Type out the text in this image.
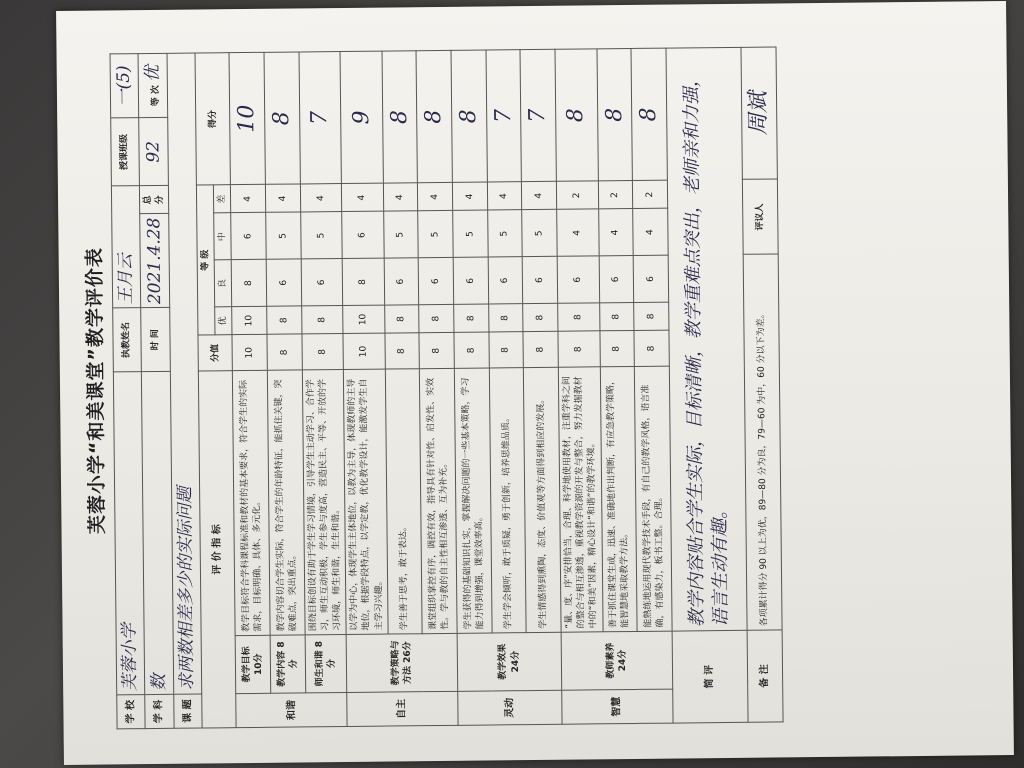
芙蓉小学“和美课堂”教学评价表
学 校	芙蓉小学		执教姓名		王月云			授课班级	一(5)
学 科	数		时 间		2021.4.28		总 分	92	等 次 优
课 题	求两数相差多少的实际问题								
评 价 指 标			分值	等 级				得分	
				优	良	中	差		
和谐	教学目标 10分	教学目标符合学科课程标准和教材的基本要求，符合学生的实际需求，目标明确、具体、多元化。	10	10	8	6	4	10	
	教学内容 8分	教学内容切合学生实际，符合学生的年龄特征，能抓住关键，突破难点，突出重点。	8	8	6	5	4	8	
	师生和谐 8分	围绕目标创设有助于学生学习情境，引导学生主动学习、合作学习，师生互动积极，学生参与度高，营造民主、平等、开放的学习环境，师生和谐，生生和谐。	8	8	6	5	4	7	
自主	教学策略与方法 26分	以学为中心，体现学生主体地位，以教为主导，体现教师的主导地位，根据学段特点，以学定教，优化教学设计，能激发学生自主学习兴趣。	10	10	8	6	4	9	
		学生善于思考，敢于表达。	8	8	6	5	4	8	
		课堂组织掌控有序，调控有效，指导具有针对性、启发性、实效性。学与教的自主性相互渗透、互为补充。	8	8	6	5	4	8	
灵动	教学效果 24分	学生获得的基础知识扎实，掌握解决问题的一些基本策略，学习能力得到增强，课堂效率高。	8	8	6	5	4	8	
		学生学会倾听，敢于质疑，勇于创新，培养思维品质。	8	8	6	5	4	7	
		学生情感得到熏陶，态度、价值观等方面得到相应的发展。	8	8	6	5	4	7	
智慧	教师素养 24分	“量、度、序”安排恰当，合理、科学地使用教材，注重学科之间的整合与相互渗透，重视教学资源的开发与整合，努力发掘教材中的“和美”因素，精心设计“和谐”的教学环境。	8	8	6	4	2	8	
		善于抓住课堂生成，迅速、准确地作出判断，有应急教学策略，能智慧地采取教学方法。	8	8	6	4	2	8	
		能熟练地运用现代教学技术手段，有自己的教学风格，语言准确，有感染力，板书工整。合理。	8	8	6	4	2	8	
简 评		教学内容贴合学生实际，目标清晰，教学重难点突出，老师亲和力强，语言生动有趣。							
备 注		各项累计得分 90 以上为优，89—80 分为良，79—60 为中，60 分以下为差。				评议人		周斌	
